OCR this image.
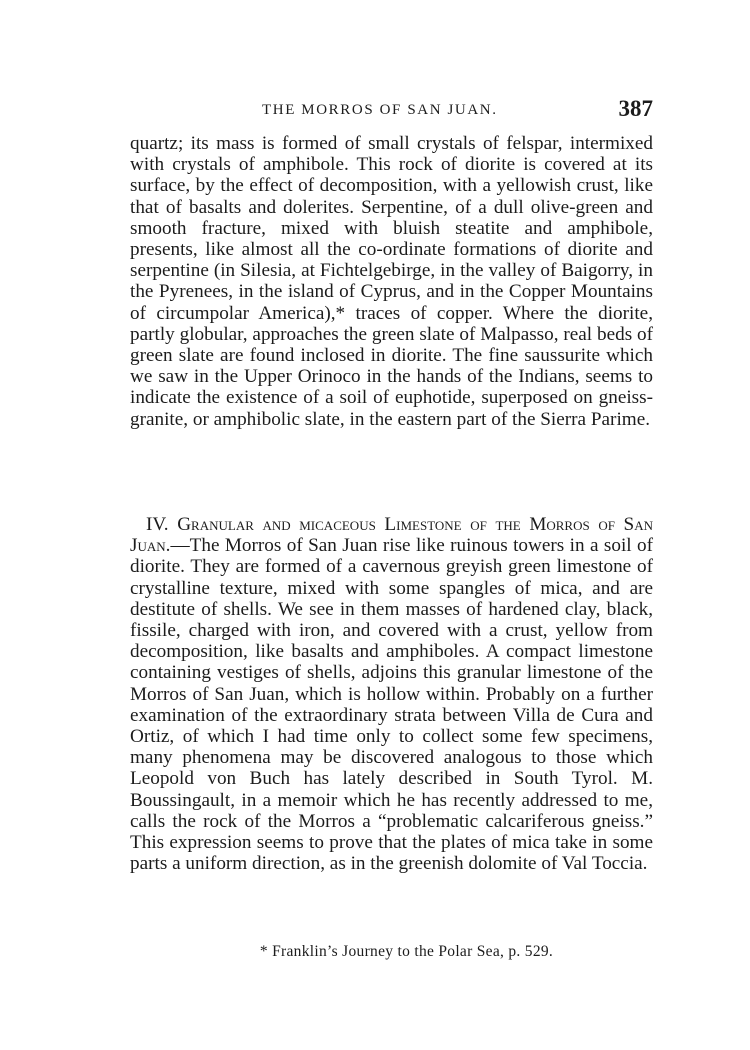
THE MORROS OF SAN JUAN.	387

quartz; its mass is formed of small crystals of felspar, intermixed with crystals of amphibole. This rock of diorite is covered at its surface, by the effect of decomposition, with a yellowish crust, like that of basalts and dolerites. Serpentine, of a dull olive-green and smooth fracture, mixed with bluish steatite and amphibole, presents, like almost all the co-ordinate formations of diorite and serpentine (in Silesia, at Fichtelgebirge, in the valley of Baigorry, in the Pyrenees, in the island of Cyprus, and in the Copper Mountains of circumpolar America),* traces of copper. Where the diorite, partly globular, approaches the green slate of Malpasso, real beds of green slate are found inclosed in diorite. The fine saussurite which we saw in the Upper Orinoco in the hands of the Indians, seems to indicate the existence of a soil of euphotide, superposed on gneiss-granite, or amphibolic slate, in the eastern part of the Sierra Parime.

IV. Granular and micaceous Limestone of the Morros of San Juan.—The Morros of San Juan rise like ruinous towers in a soil of diorite. They are formed of a cavernous greyish green limestone of crystalline texture, mixed with some spangles of mica, and are destitute of shells. We see in them masses of hardened clay, black, fissile, charged with iron, and covered with a crust, yellow from decomposition, like basalts and amphiboles. A compact limestone containing vestiges of shells, adjoins this granular limestone of the Morros of San Juan, which is hollow within. Probably on a further examination of the extraordinary strata between Villa de Cura and Ortiz, of which I had time only to collect some few specimens, many phenomena may be discovered analogous to those which Leopold von Buch has lately described in South Tyrol. M. Boussingault, in a memoir which he has recently addressed to me, calls the rock of the Morros a “problematic calcariferous gneiss.” This expression seems to prove that the plates of mica take in some parts a uniform direction, as in the greenish dolomite of Val Toccia.

* Franklin’s Journey to the Polar Sea, p. 529.
